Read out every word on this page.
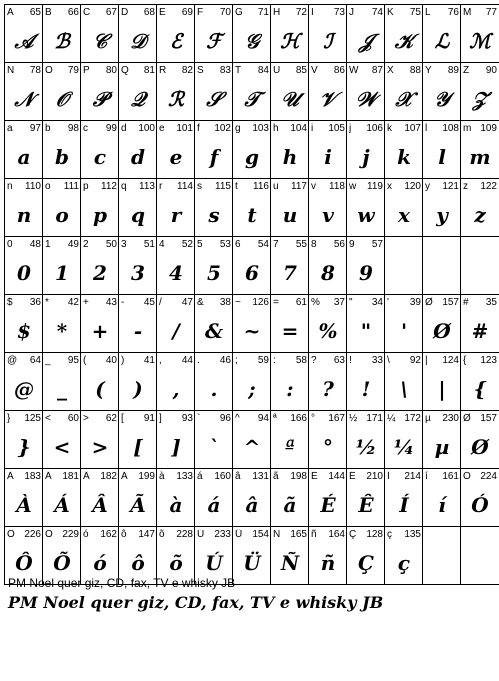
A 65
𝒜
B 66
ℬ
C 67
𝒞
D 68
𝒟
E 69
ℰ
F 70
ℱ
G 71
𝒢
H 72
ℋ
I 73
ℐ
J 74
𝒥
K 75
𝒦
L 76
ℒ
M 77
ℳ
N 78
𝒩
O 79
𝒪
P 80
𝒫
Q 81
𝒬
R 82
ℛ
S 83
𝒮
T 84
𝒯
U 85
𝒰
V 86
𝒱
W 87
𝒲
X 88
𝒳
Y 89
𝒴
Z 90
𝒵
a 97
a
b 98
b
c 99
c
d 100
d
e 101
e
f 102
f
g 103
g
h 104
h
i 105
i
j 106
j
k 107
k
l 108
l
m 109
m
n 110
n
o 111
o
p 112
p
q 113
q
r 114
r
s 115
s
t 116
t
u 117
u
v 118
v
w 119
w
x 120
x
y 121
y
z 122
z
0 48
0
1 49
1
2 50
2
3 51
3
4 52
4
5 53
5
6 54
6
7 55
7
8 56
8
9 57
9
$ 36
$
* 42
*
+ 43
+
- 45
-
/ 47
/
& 38
&
~ 126
~
= 61
=
% 37
%
" 34
"
' 39
'
Ø 157
Ø
# 35
#
@ 64
@
_ 95
_
( 40
(
) 41
)
, 44
,
. 46
.
; 59
;
: 58
:
? 63
?
! 33
!
\ 92
\
| 124
|
{ 123
{
} 125
}
< 60
<
> 62
>
[ 91
[
] 93
]
` 96
`
^ 94
^
ª 166
ª
° 167
°
½ 171
½
¼ 172
¼
µ 230
µ
Ø 157
Ø
À 183
À
Á 181
Á
Â 182
Â
Ã 199
Ã
à 133
à
á 160
á
â 131
â
ã 198
ã
É 144
É
Ê 210
Ê
Í 214
Í
í 161
í
Ó 224
Ó
Ô 226
Ô
Õ 229
Õ
ó 162
ó
ô 147
ô
õ 228
õ
Ú 233
Ú
Ü 154
Ü
Ñ 165
Ñ
ñ 164
ñ
Ç 128
Ç
ç 135
ç
PM Noel quer giz, CD, fax, TV e whisky JB
PM Noel quer giz, CD, fax, TV e whisky JB
